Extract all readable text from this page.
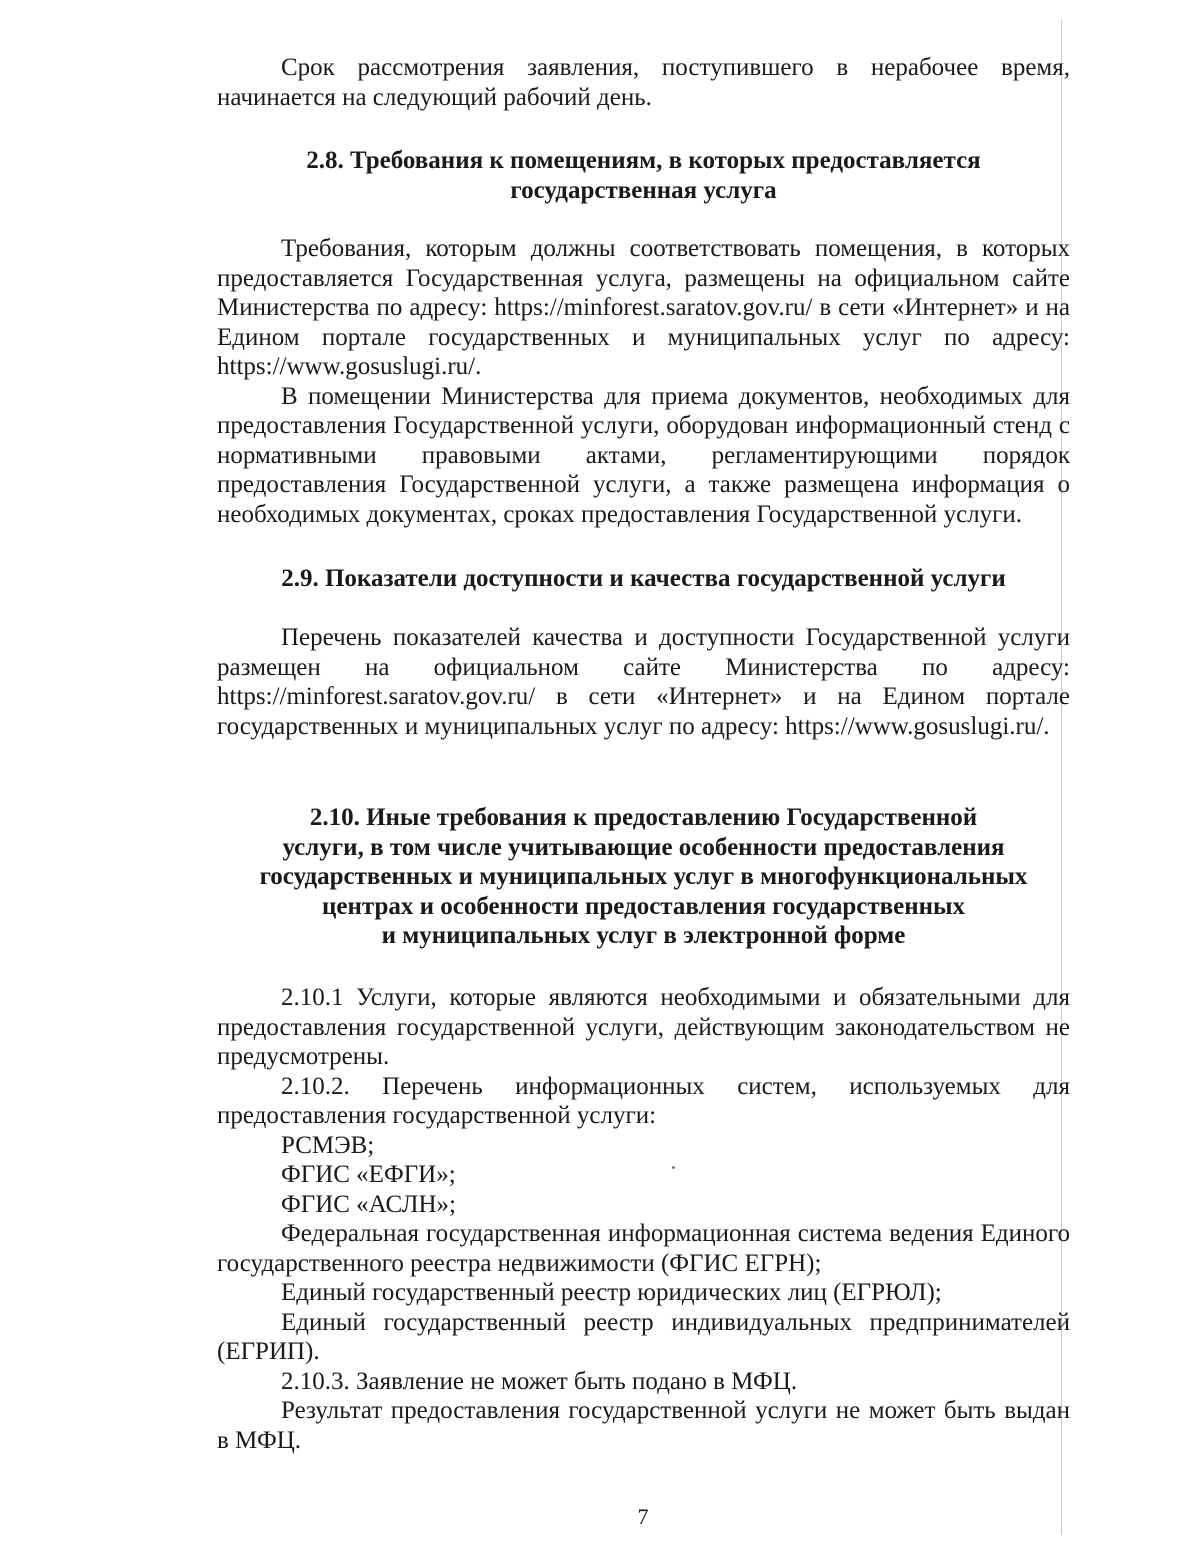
Срок рассмотрения заявления, поступившего в нерабочее время, начинается на следующий рабочий день.

2.8. Требования к помещениям, в которых предоставляется
государственная услуга

Требования, которым должны соответствовать помещения, в которых предоставляется Государственная услуга, размещены на официальном сайте Министерства по адресу: https://minforest.saratov.gov.ru/ в сети «Интернет» и на Едином портале государственных и муниципальных услуг по адресу: https://www.gosuslugi.ru/.

В помещении Министерства для приема документов, необходимых для предоставления Государственной услуги, оборудован информационный стенд с нормативными правовыми актами, регламентирующими порядок предоставления Государственной услуги, а также размещена информация о необходимых документах, сроках предоставления Государственной услуги.

2.9. Показатели доступности и качества государственной услуги

Перечень показателей качества и доступности Государственной услуги размещен на официальном сайте Министерства по адресу: https://minforest.saratov.gov.ru/ в сети «Интернет» и на Едином портале государственных и муниципальных услуг по адресу: https://www.gosuslugi.ru/.

2.10. Иные требования к предоставлению Государственной
услуги, в том числе учитывающие особенности предоставления
государственных и муниципальных услуг в многофункциональных
центрах и особенности предоставления государственных
и муниципальных услуг в электронной форме

2.10.1 Услуги, которые являются необходимыми и обязательными для предоставления государственной услуги, действующим законодательством не предусмотрены.

2.10.2. Перечень информационных систем, используемых для предоставления государственной услуги:

РСМЭВ;

ФГИС «ЕФГИ»;

ФГИС «АСЛН»;

Федеральная государственная информационная система ведения Единого государственного реестра недвижимости (ФГИС ЕГРН);

Единый государственный реестр юридических лиц (ЕГРЮЛ);

Единый государственный реестр индивидуальных предпринимателей (ЕГРИП).

2.10.3. Заявление не может быть подано в МФЦ.

Результат предоставления государственной услуги не может быть выдан в МФЦ.

7
